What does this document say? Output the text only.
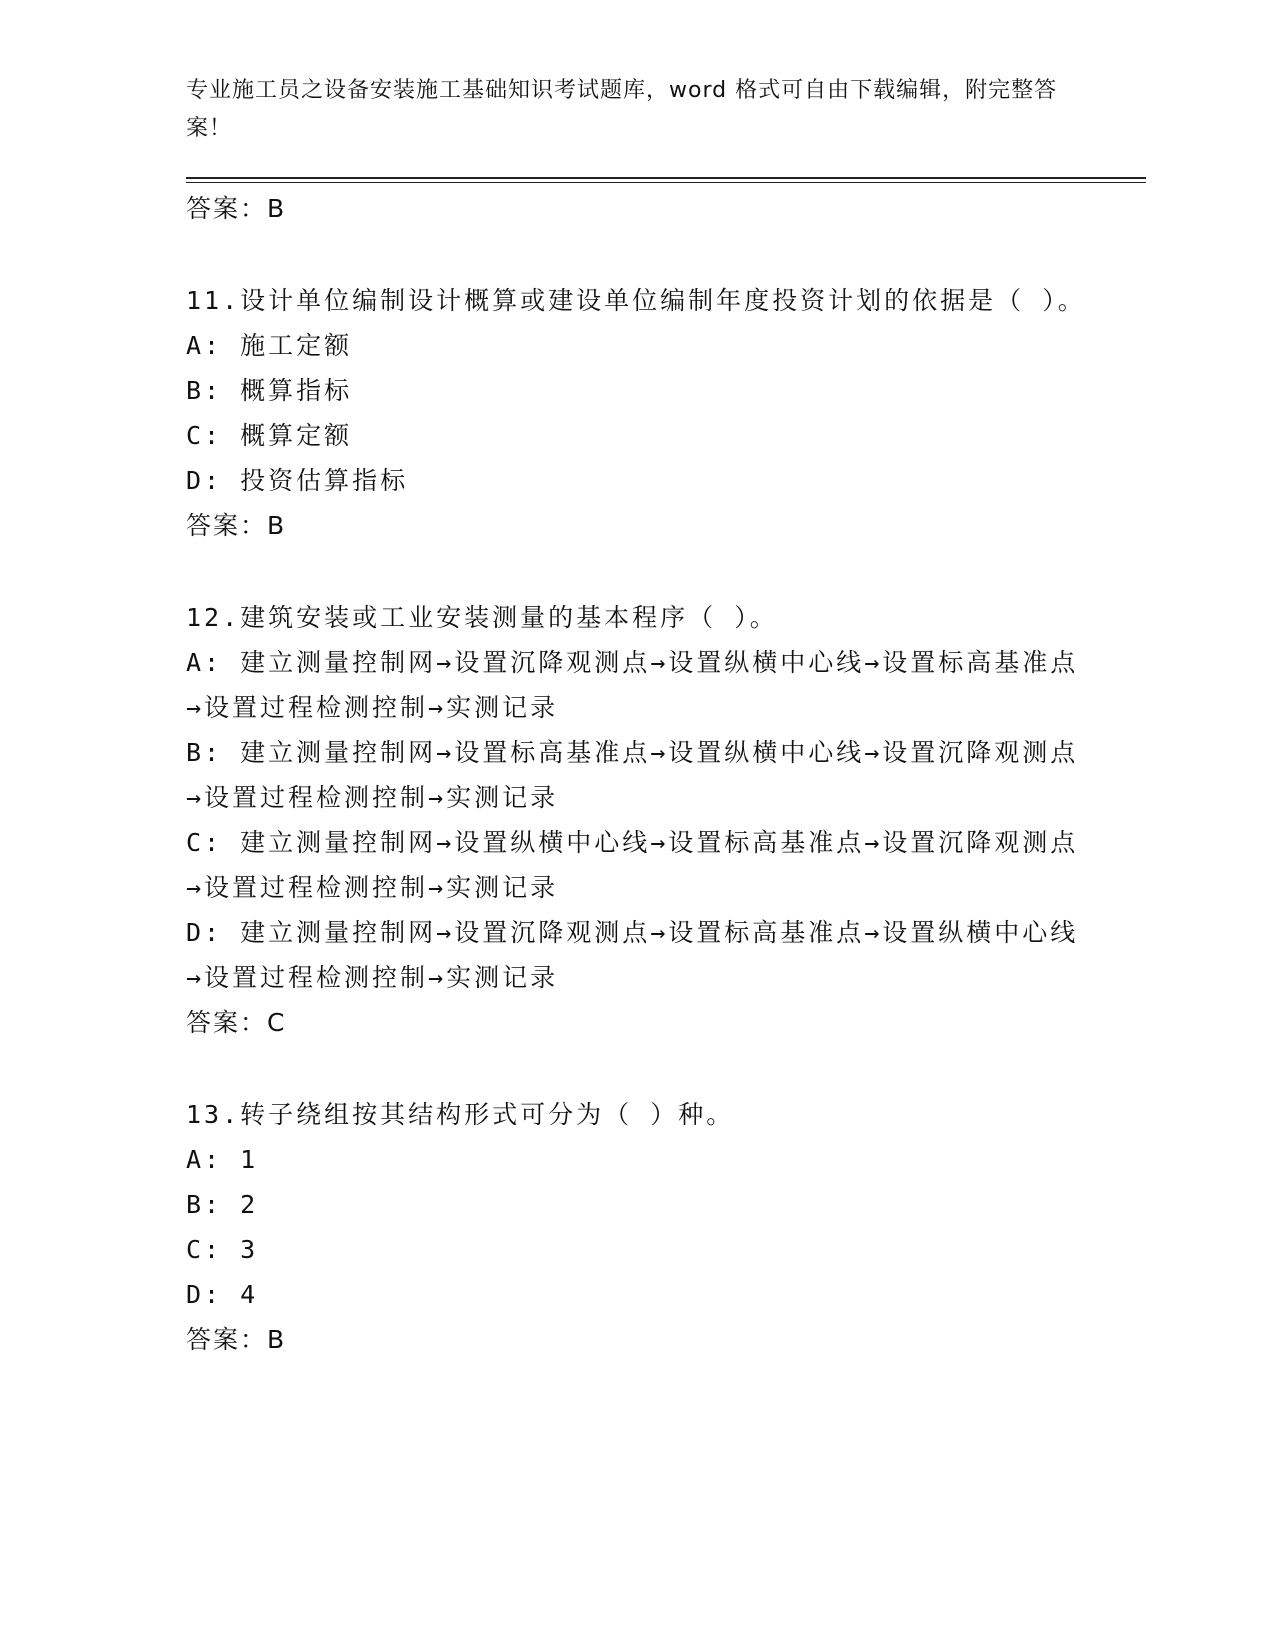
专业施工员之设备安装施工基础知识考试题库，word 格式可自由下载编辑，附完整答案！
答案：B
11.设计单位编制设计概算或建设单位编制年度投资计划的依据是（ ）。
A: 施工定额
B: 概算指标
C: 概算定额
D: 投资估算指标
答案：B
12.建筑安装或工业安装测量的基本程序（ ）。
A: 建立测量控制网→设置沉降观测点→设置纵横中心线→设置标高基准点→设置过程检测控制→实测记录
B: 建立测量控制网→设置标高基准点→设置纵横中心线→设置沉降观测点→设置过程检测控制→实测记录
C: 建立测量控制网→设置纵横中心线→设置标高基准点→设置沉降观测点→设置过程检测控制→实测记录
D: 建立测量控制网→设置沉降观测点→设置标高基准点→设置纵横中心线→设置过程检测控制→实测记录
答案：C
13.转子绕组按其结构形式可分为（ ）种。
A: 1
B: 2
C: 3
D: 4
答案：B
